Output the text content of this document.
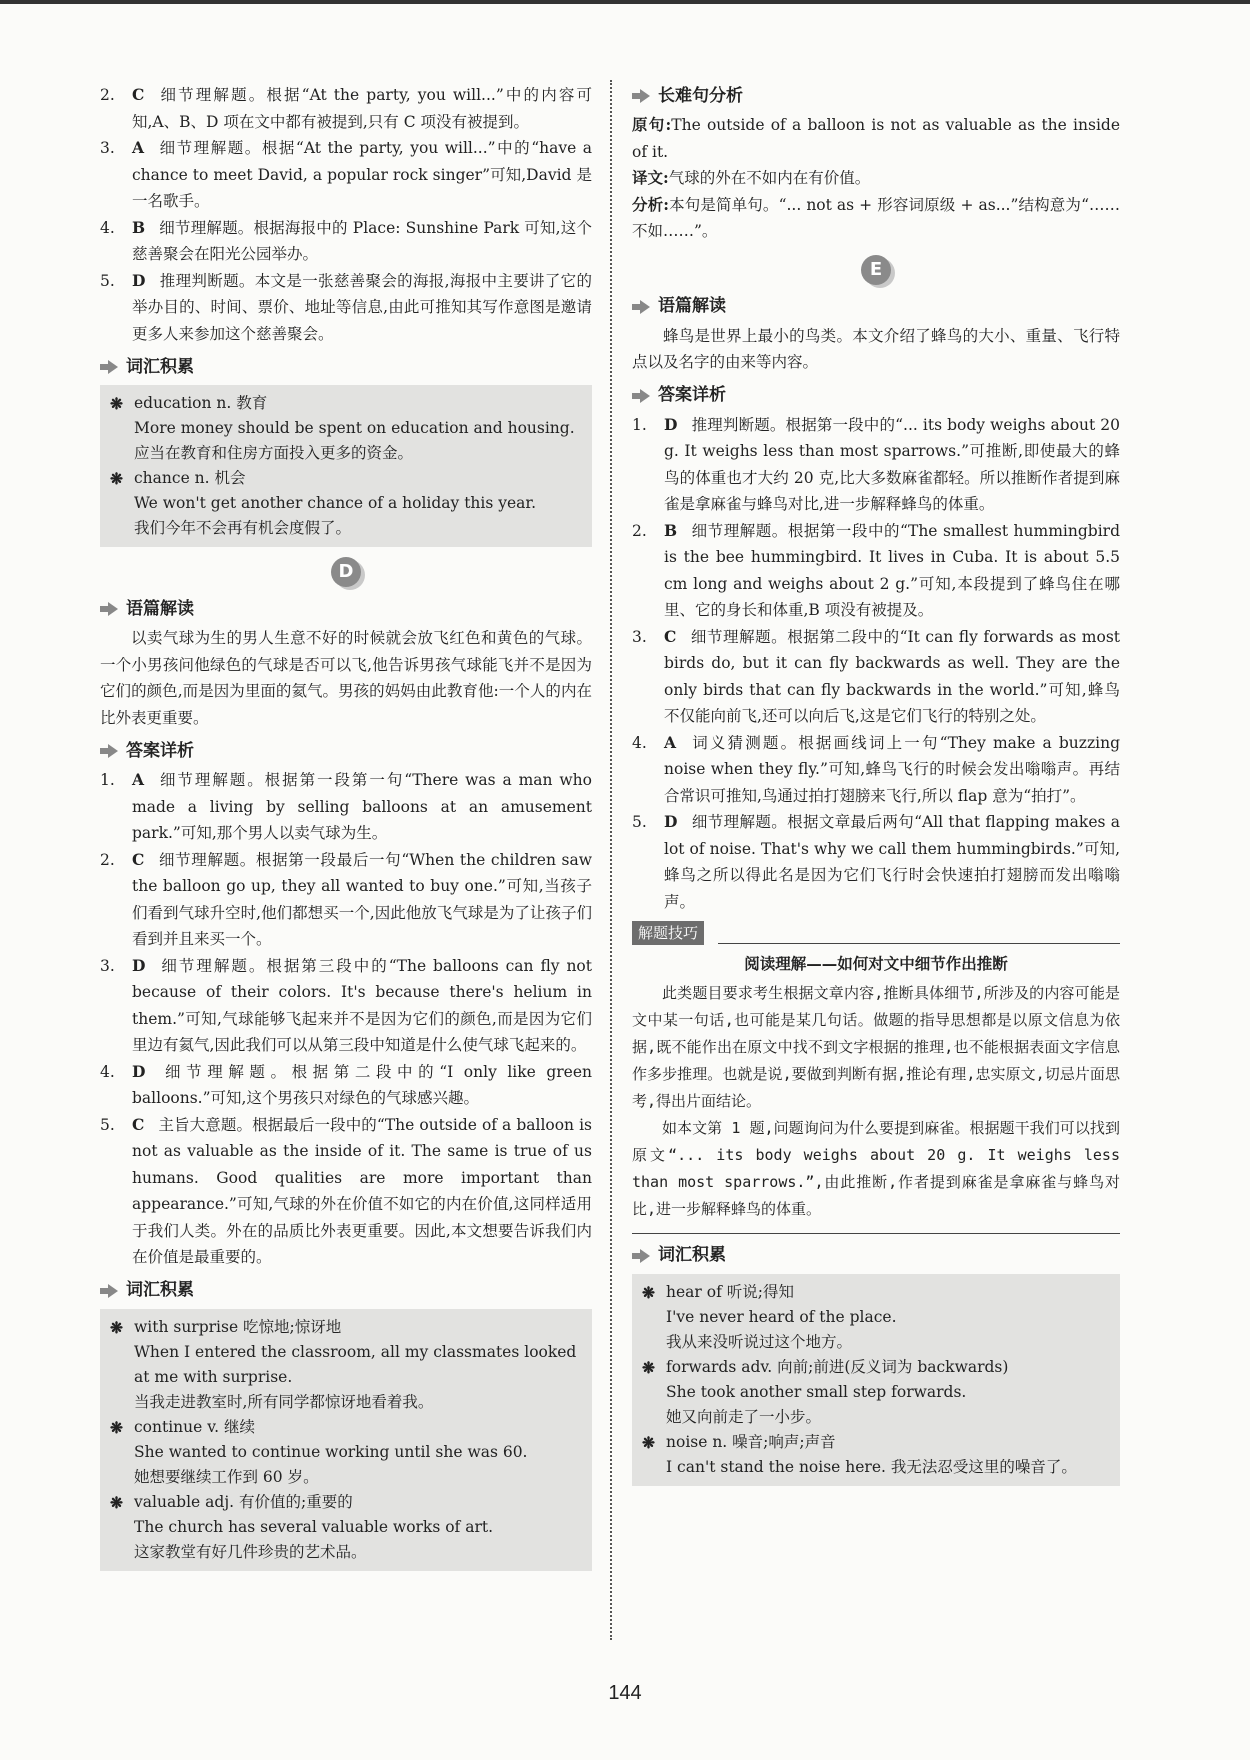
2. C 细节理解题。根据“At the party, you will...”中的内容可知,A、B、D 项在文中都有被提到,只有 C 项没有被提到。

3. A 细节理解题。根据“At the party, you will...”中的“have a chance to meet David, a popular rock singer”可知,David 是一名歌手。

4. B 细节理解题。根据海报中的 Place: Sunshine Park 可知,这个慈善聚会在阳光公园举办。

5. D 推理判断题。本文是一张慈善聚会的海报,海报中主要讲了它的举办目的、时间、票价、地址等信息,由此可推知其写作意图是邀请更多人来参加这个慈善聚会。

词汇积累
❋ education n. 教育
More money should be spent on education and housing.
应当在教育和住房方面投入更多的资金。
❋ chance n. 机会
We won't get another chance of a holiday this year.
我们今年不会再有机会度假了。
D
语篇解读

以卖气球为生的男人生意不好的时候就会放飞红色和黄色的气球。一个小男孩问他绿色的气球是否可以飞,他告诉男孩气球能飞并不是因为它们的颜色,而是因为里面的氦气。男孩的妈妈由此教育他:一个人的内在比外表更重要。

答案详析

1. A 细节理解题。根据第一段第一句“There was a man who made a living by selling balloons at an amusement park.”可知,那个男人以卖气球为生。

2. C 细节理解题。根据第一段最后一句“When the children saw the balloon go up, they all wanted to buy one.”可知,当孩子们看到气球升空时,他们都想买一个,因此他放飞气球是为了让孩子们看到并且来买一个。

3. D 细节理解题。根据第三段中的“The balloons can fly not because of their colors. It's because there's helium in them.”可知,气球能够飞起来并不是因为它们的颜色,而是因为它们里边有氦气,因此我们可以从第三段中知道是什么使气球飞起来的。

4. D 细节理解题。根据第二段中的“I only like green balloons.”可知,这个男孩只对绿色的气球感兴趣。

5. C 主旨大意题。根据最后一段中的“The outside of a balloon is not as valuable as the inside of it. The same is true of us humans. Good qualities are more important than appearance.”可知,气球的外在价值不如它的内在价值,这同样适用于我们人类。外在的品质比外表更重要。因此,本文想要告诉我们内在价值是最重要的。

词汇积累
❋ with surprise 吃惊地;惊讶地
When I entered the classroom, all my classmates looked at me with surprise.
当我走进教室时,所有同学都惊讶地看着我。
❋ continue v. 继续
She wanted to continue working until she was 60.
她想要继续工作到 60 岁。
❋ valuable adj. 有价值的;重要的
The church has several valuable works of art.
这家教堂有好几件珍贵的艺术品。
长难句分析

原句:The outside of a balloon is not as valuable as the inside of it.

译文:气球的外在不如内在有价值。

分析:本句是简单句。“... not as + 形容词原级 + as...”结构意为“……不如……”。

E
语篇解读

蜂鸟是世界上最小的鸟类。本文介绍了蜂鸟的大小、重量、飞行特点以及名字的由来等内容。

答案详析

1. D 推理判断题。根据第一段中的“... its body weighs about 20 g. It weighs less than most sparrows.”可推断,即使最大的蜂鸟的体重也才大约 20 克,比大多数麻雀都轻。所以推断作者提到麻雀是拿麻雀与蜂鸟对比,进一步解释蜂鸟的体重。

2. B 细节理解题。根据第一段中的“The smallest hummingbird is the bee hummingbird. It lives in Cuba. It is about 5.5 cm long and weighs about 2 g.”可知,本段提到了蜂鸟住在哪里、它的身长和体重,B 项没有被提及。

3. C 细节理解题。根据第二段中的“It can fly forwards as most birds do, but it can fly backwards as well. They are the only birds that can fly backwards in the world.”可知,蜂鸟不仅能向前飞,还可以向后飞,这是它们飞行的特别之处。

4. A 词义猜测题。根据画线词上一句“They make a buzzing noise when they fly.”可知,蜂鸟飞行的时候会发出嗡嗡声。再结合常识可推知,鸟通过拍打翅膀来飞行,所以 flap 意为“拍打”。

5. D 细节理解题。根据文章最后两句“All that flapping makes a lot of noise. That's why we call them hummingbirds.”可知,蜂鸟之所以得此名是因为它们飞行时会快速拍打翅膀而发出嗡嗡声。

解题技巧
阅读理解——如何对文中细节作出推断

此类题目要求考生根据文章内容,推断具体细节,所涉及的内容可能是文中某一句话,也可能是某几句话。做题的指导思想都是以原文信息为依据,既不能作出在原文中找不到文字根据的推理,也不能根据表面文字信息作多步推理。也就是说,要做到判断有据,推论有理,忠实原文,切忌片面思考,得出片面结论。

如本文第 1 题,问题询问为什么要提到麻雀。根据题干我们可以找到原文“... its body weighs about 20 g. It weighs less than most sparrows.”,由此推断,作者提到麻雀是拿麻雀与蜂鸟对比,进一步解释蜂鸟的体重。

词汇积累
❋ hear of 听说;得知
I've never heard of the place.
我从来没听说过这个地方。
❋ forwards adv. 向前;前进(反义词为 backwards)
She took another small step forwards.
她又向前走了一小步。
❋ noise n. 噪音;响声;声音
I can't stand the noise here. 我无法忍受这里的噪音了。
144
